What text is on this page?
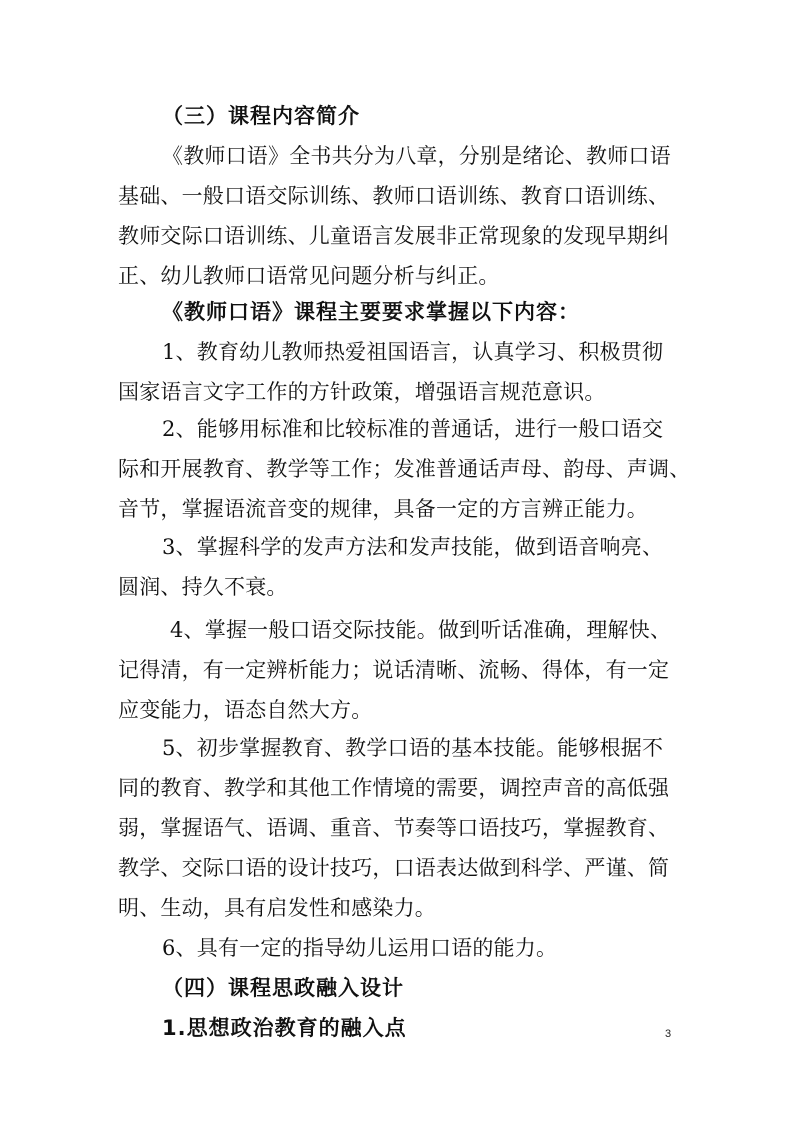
（三）课程内容简介
《教师口语》全书共分为八章，分别是绪论、教师口语
基础、一般口语交际训练、教师口语训练、教育口语训练、
教师交际口语训练、儿童语言发展非正常现象的发现早期纠
正、幼儿教师口语常见问题分析与纠正。
《教师口语》课程主要要求掌握以下内容：
1、教育幼儿教师热爱祖国语言，认真学习、积极贯彻
国家语言文字工作的方针政策，增强语言规范意识。
2、能够用标准和比较标准的普通话，进行一般口语交
际和开展教育、教学等工作；发准普通话声母、韵母、声调、
音节，掌握语流音变的规律，具备一定的方言辨正能力。
3、掌握科学的发声方法和发声技能，做到语音响亮、
圆润、持久不衰。
4、掌握一般口语交际技能。做到听话准确，理解快、
记得清，有一定辨析能力；说话清晰、流畅、得体，有一定
应变能力，语态自然大方。
5、初步掌握教育、教学口语的基本技能。能够根据不
同的教育、教学和其他工作情境的需要，调控声音的高低强
弱，掌握语气、语调、重音、节奏等口语技巧，掌握教育、
教学、交际口语的设计技巧，口语表达做到科学、严谨、简
明、生动，具有启发性和感染力。
6、具有一定的指导幼儿运用口语的能力。
（四）课程思政融入设计
1.思想政治教育的融入点	3
